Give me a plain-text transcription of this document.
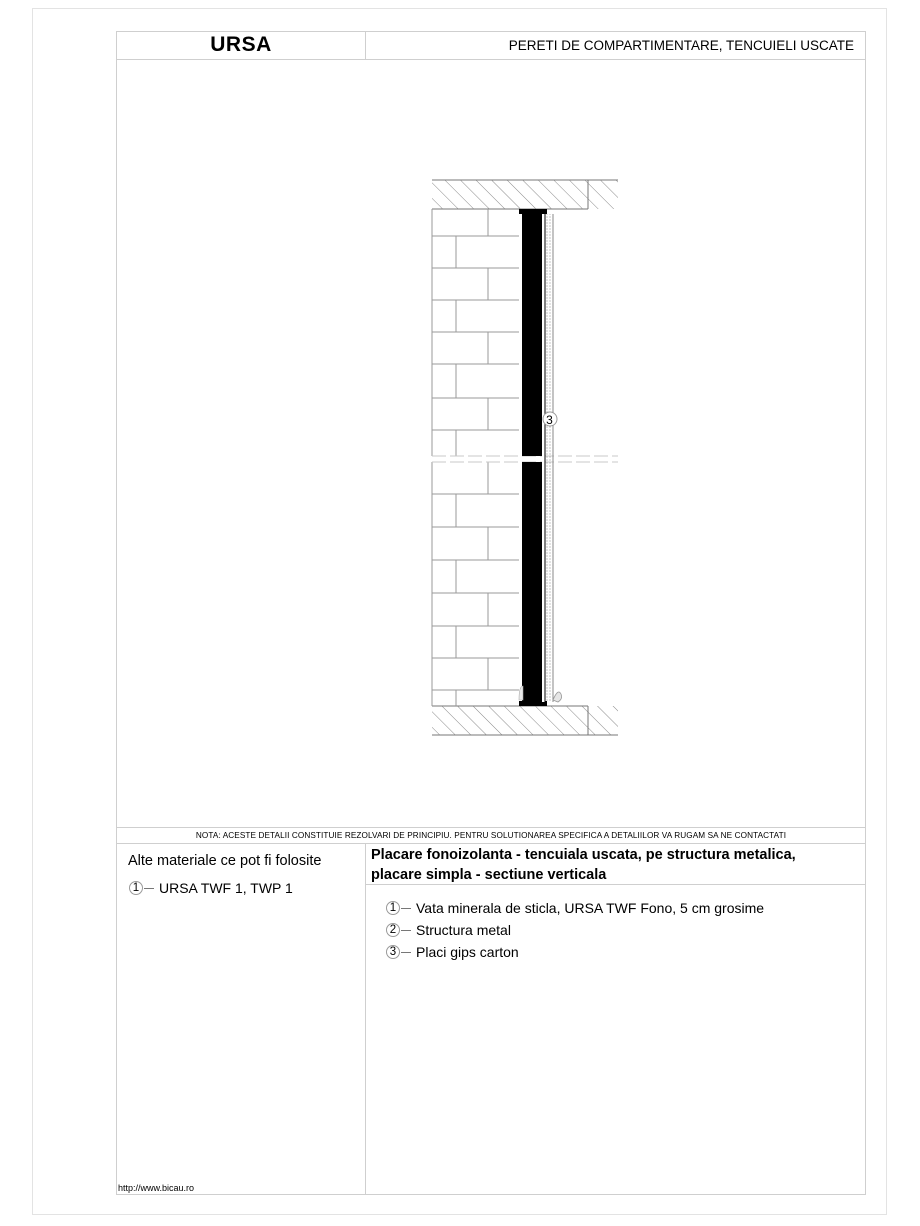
URSA	PERETI DE COMPARTIMENTARE, TENCUIELI USCATE
3
NOTA: ACESTE DETALII CONSTITUIE REZOLVARI DE PRINCIPIU. PENTRU SOLUTIONAREA SPECIFICA A DETALIILOR VA RUGAM SA NE CONTACTATI
Alte materiale ce pot fi folosite
1 URSA TWF 1, TWP 1
Placare fonoizolanta - tencuiala uscata, pe structura metalica,
placare simpla - sectiune verticala
1 Vata minerala de sticla, URSA TWF Fono, 5 cm grosime
2 Structura metal
3 Placi gips carton
http://www.bicau.ro
